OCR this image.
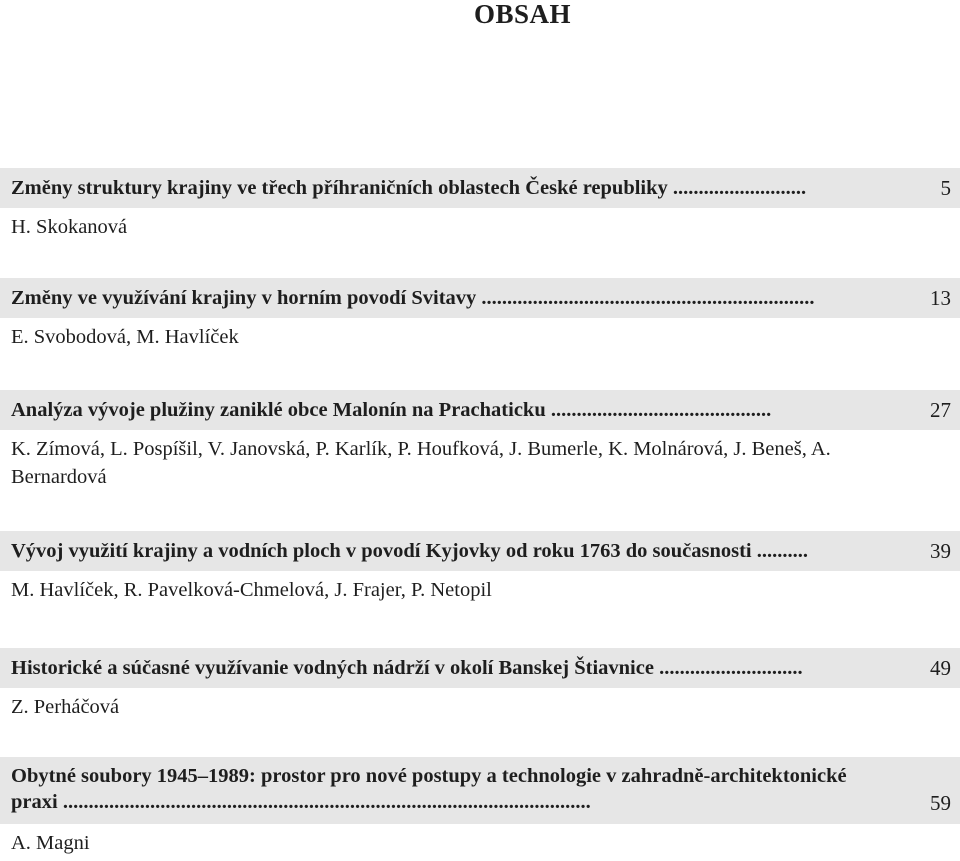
OBSAH
Změny struktury krajiny ve třech příhraničních oblastech České republiky ..........................	5
H. Skokanová
Změny ve využívání krajiny v horním povodí Svitavy .................................................................	13
E. Svobodová, M. Havlíček
Analýza vývoje plužiny zaniklé obce Malonín na Prachaticku ...........................................	27
K. Zímová, L. Pospíšil, V. Janovská, P. Karlík, P. Houfková, J. Bumerle, K. Molnárová, J. Beneš, A. Bernardová
Vývoj využití krajiny a vodních ploch v povodí Kyjovky od roku 1763 do současnosti ..........	39
M. Havlíček, R. Pavelková-Chmelová, J. Frajer, P. Netopil
Historické a súčasné využívanie vodných nádrží v okolí Banskej Štiavnice ............................	49
Z. Perháčová
Obytné soubory 1945–1989: prostor pro nové postupy a technologie v zahradně-architektonické praxi .......................................................................................................	59
A. Magni
